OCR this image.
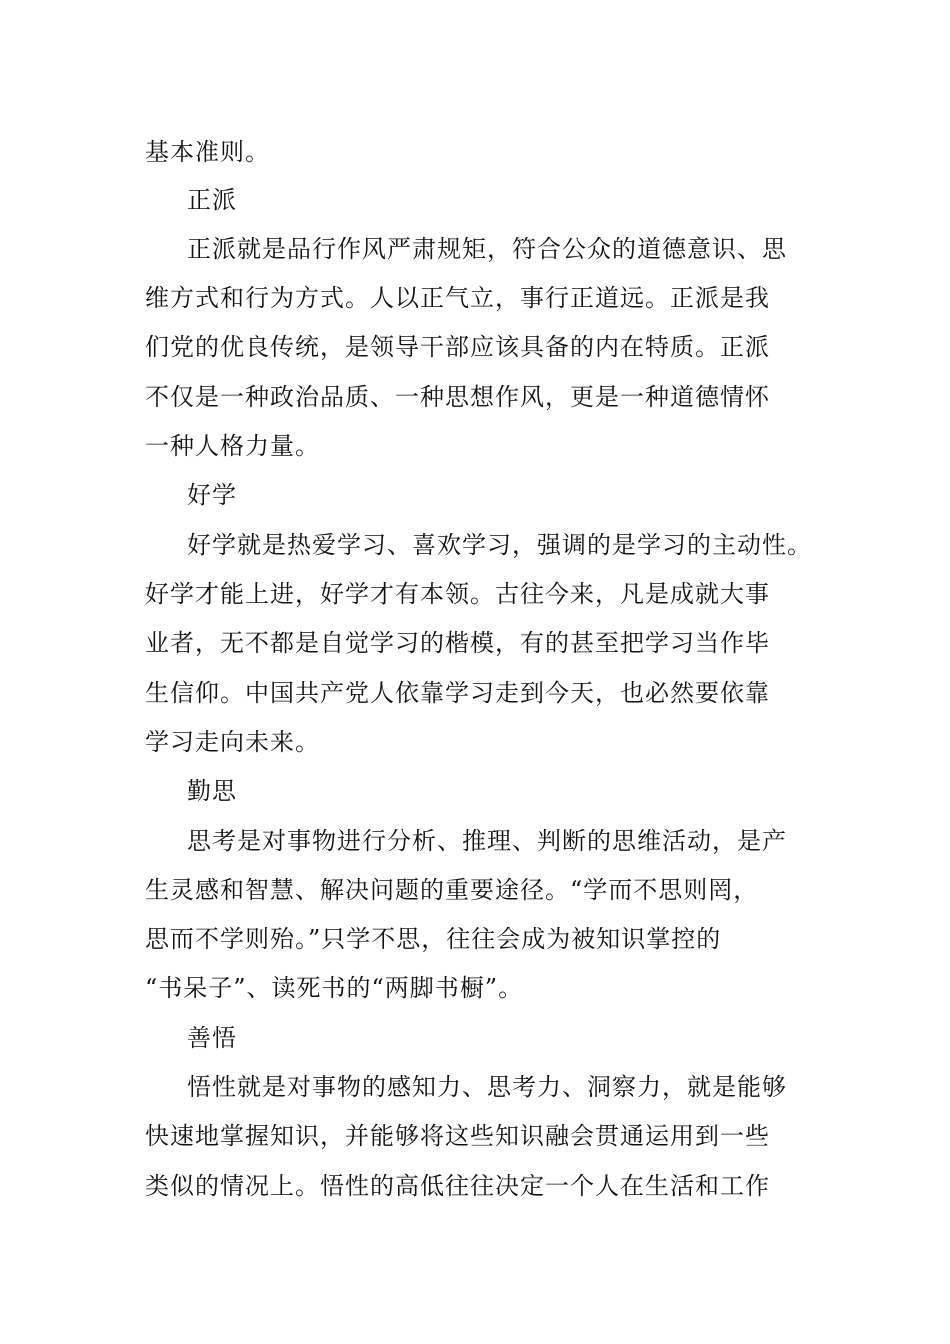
基本准则。
正派
正派就是品行作风严肃规矩，符合公众的道德意识、思
维方式和行为方式。人以正气立，事行正道远。正派是我
们党的优良传统，是领导干部应该具备的内在特质。正派
不仅是一种政治品质、一种思想作风，更是一种道德情怀
一种人格力量。
好学
好学就是热爱学习、喜欢学习，强调的是学习的主动性。
好学才能上进，好学才有本领。古往今来，凡是成就大事
业者，无不都是自觉学习的楷模，有的甚至把学习当作毕
生信仰。中国共产党人依靠学习走到今天，也必然要依靠
学习走向未来。
勤思
思考是对事物进行分析、推理、判断的思维活动，是产
生灵感和智慧、解决问题的重要途径。“学而不思则罔，
思而不学则殆。”只学不思，往往会成为被知识掌控的
“书呆子”、读死书的“两脚书橱”。
善悟
悟性就是对事物的感知力、思考力、洞察力，就是能够
快速地掌握知识，并能够将这些知识融会贯通运用到一些
类似的情况上。悟性的高低往往决定一个人在生活和工作
